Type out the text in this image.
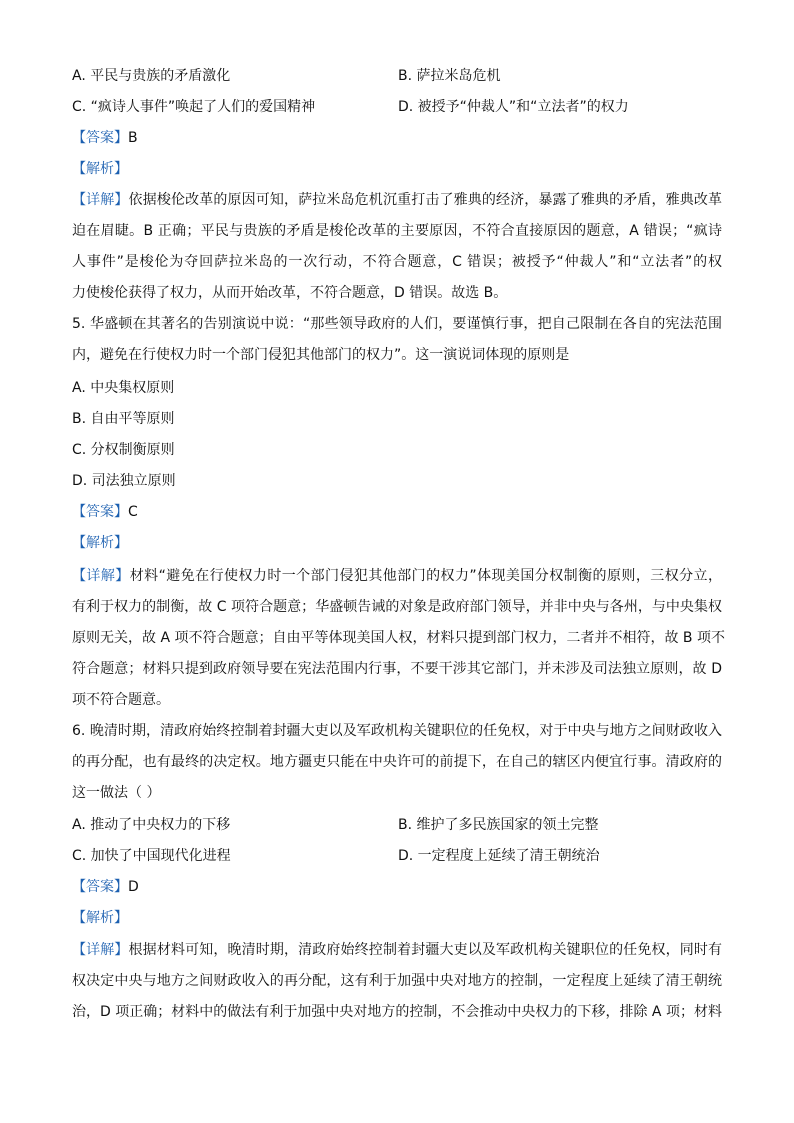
A. 平民与贵族的矛盾激化	B. 萨拉米岛危机
C. “疯诗人事件”唤起了人们的爱国精神	D. 被授予“仲裁人”和“立法者”的权力
【答案】B
【解析】
【详解】依据梭伦改革的原因可知，萨拉米岛危机沉重打击了雅典的经济，暴露了雅典的矛盾，雅典改革
迫在眉睫。B 正确；平民与贵族的矛盾是梭伦改革的主要原因，不符合直接原因的题意，A 错误；“疯诗
人事件”是梭伦为夺回萨拉米岛的一次行动，不符合题意，C 错误；被授予“仲裁人”和“立法者”的权
力使梭伦获得了权力，从而开始改革，不符合题意，D 错误。故选 B。
5. 华盛顿在其著名的告别演说中说：“那些领导政府的人们，要谨慎行事，把自己限制在各自的宪法范围
内，避免在行使权力时一个部门侵犯其他部门的权力”。这一演说词体现的原则是
A. 中央集权原则
B. 自由平等原则
C. 分权制衡原则
D. 司法独立原则
【答案】C
【解析】
【详解】材料“避免在行使权力时一个部门侵犯其他部门的权力”体现美国分权制衡的原则，三权分立，
有利于权力的制衡，故 C 项符合题意；华盛顿告诫的对象是政府部门领导，并非中央与各州，与中央集权
原则无关，故 A 项不符合题意；自由平等体现美国人权，材料只提到部门权力，二者并不相符，故 B 项不
符合题意；材料只提到政府领导要在宪法范围内行事，不要干涉其它部门，并未涉及司法独立原则，故 D
项不符合题意。
6. 晚清时期，清政府始终控制着封疆大吏以及军政机构关键职位的任免权，对于中央与地方之间财政收入
的再分配，也有最终的决定权。地方疆吏只能在中央许可的前提下，在自己的辖区内便宜行事。清政府的
这一做法（ ）
A. 推动了中央权力的下移	B. 维护了多民族国家的领土完整
C. 加快了中国现代化进程	D. 一定程度上延续了清王朝统治
【答案】D
【解析】
【详解】根据材料可知，晚清时期，清政府始终控制着封疆大吏以及军政机构关键职位的任免权，同时有
权决定中央与地方之间财政收入的再分配，这有利于加强中央对地方的控制，一定程度上延续了清王朝统
治，D 项正确；材料中的做法有利于加强中央对地方的控制，不会推动中央权力的下移，排除 A 项；材料
